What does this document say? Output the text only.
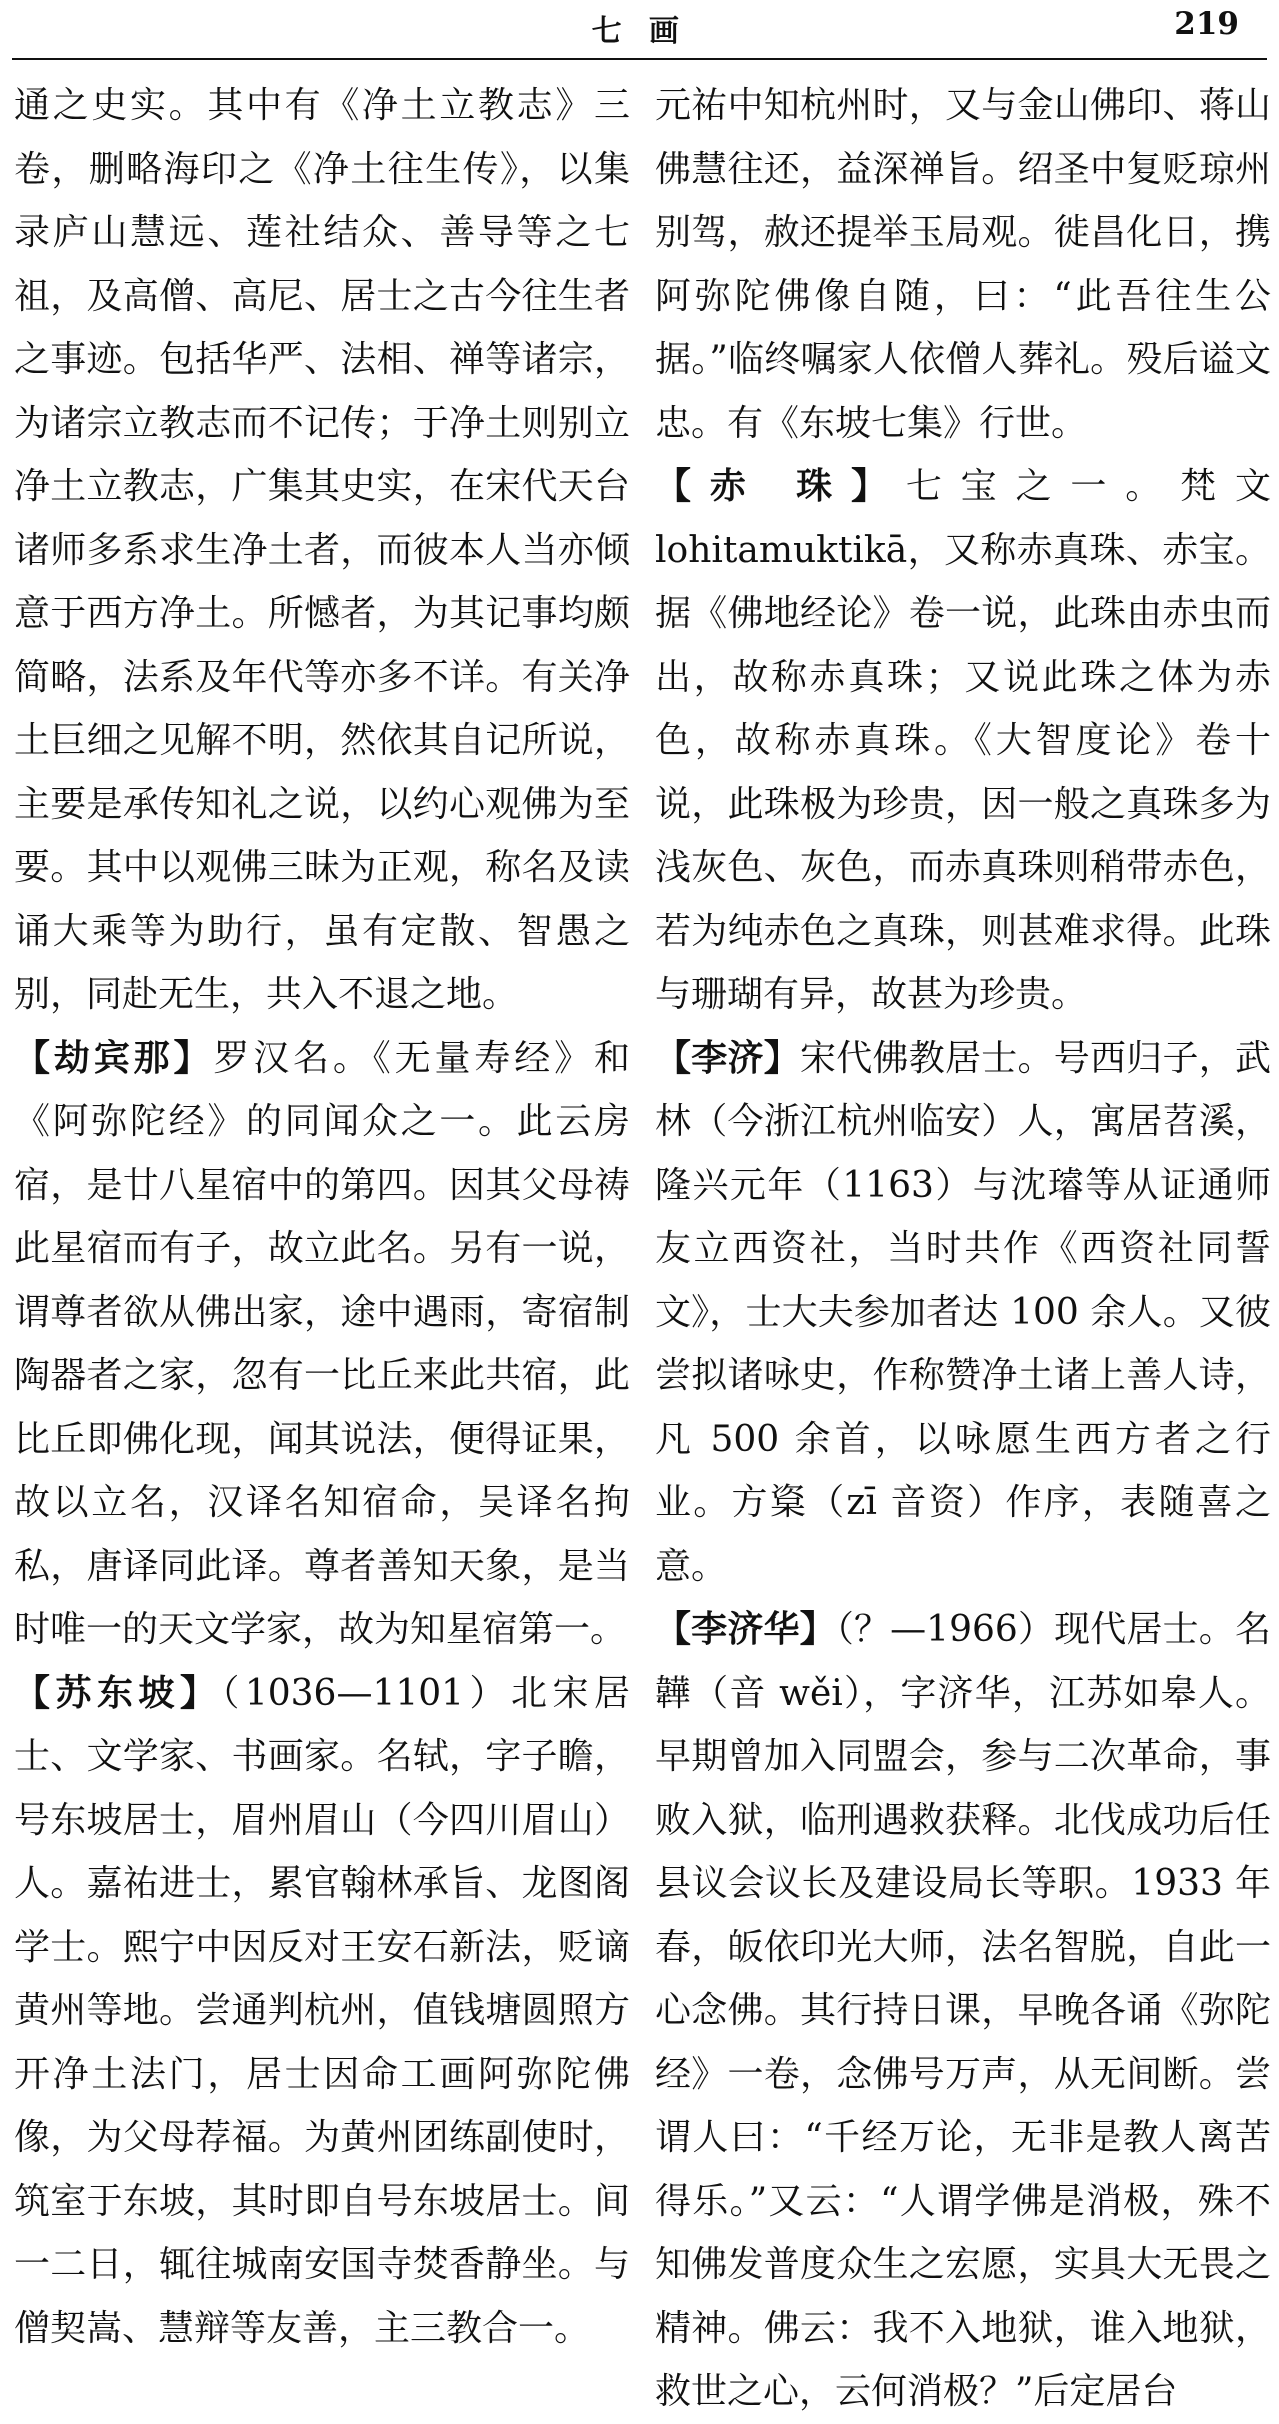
七 画	219

通之史实。其中有《净土立教志》三卷，删略海印之《净土往生传》，以集录庐山慧远、莲社结众、善导等之七祖，及高僧、高尼、居士之古今往生者之事迹。包括华严、法相、禅等诸宗，为诸宗立教志而不记传；于净土则别立净土立教志，广集其史实，在宋代天台诸师多系求生净土者，而彼本人当亦倾意于西方净土。所憾者，为其记事均颇简略，法系及年代等亦多不详。有关净土巨细之见解不明，然依其自记所说，主要是承传知礼之说，以约心观佛为至要。其中以观佛三昧为正观，称名及读诵大乘等为助行，虽有定散、智愚之别，同赴无生，共入不退之地。

【劫宾那】罗汉名。《无量寿经》和《阿弥陀经》的同闻众之一。此云房宿，是廿八星宿中的第四。因其父母祷此星宿而有子，故立此名。另有一说，谓尊者欲从佛出家，途中遇雨，寄宿制陶器者之家，忽有一比丘来此共宿，此比丘即佛化现，闻其说法，便得证果，故以立名，汉译名知宿命，吴译名拘私，唐译同此译。尊者善知天象，是当时唯一的天文学家，故为知星宿第一。

【苏东坡】（1036—1101）北宋居士、文学家、书画家。名轼，字子瞻，号东坡居士，眉州眉山（今四川眉山）人。嘉祐进士，累官翰林承旨、龙图阁学士。熙宁中因反对王安石新法，贬谪黄州等地。尝通判杭州，值钱塘圆照方开净土法门，居士因命工画阿弥陀佛像，为父母荐福。为黄州团练副使时，筑室于东坡，其时即自号东坡居士。间一二日，辄往城南安国寺焚香静坐。与僧契嵩、慧辩等友善，主三教合一。

元祐中知杭州时，又与金山佛印、蒋山佛慧往还，益深禅旨。绍圣中复贬琼州别驾，赦还提举玉局观。徙昌化日，携阿弥陀佛像自随，曰：“此吾往生公据。”临终嘱家人依僧人葬礼。殁后谥文忠。有《东坡七集》行世。

【赤 珠】七宝之一。梵文 lohitamuktikā，又称赤真珠、赤宝。据《佛地经论》卷一说，此珠由赤虫而出，故称赤真珠；又说此珠之体为赤色，故称赤真珠。《大智度论》卷十说，此珠极为珍贵，因一般之真珠多为浅灰色、灰色，而赤真珠则稍带赤色，若为纯赤色之真珠，则甚难求得。此珠与珊瑚有异，故甚为珍贵。

【李济】宋代佛教居士。号西归子，武林（今浙江杭州临安）人，寓居苕溪，隆兴元年（1163）与沈璿等从证通师友立西资社，当时共作《西资社同誓文》，士大夫参加者达 100 余人。又彼尝拟诸咏史，作称赞净土诸上善人诗，凡 500 余首，以咏愿生西方者之行业。方楶（zī 音资）作序，表随喜之意。

【李济华】（？—1966）现代居士。名韡（音 wěi），字济华，江苏如皋人。早期曾加入同盟会，参与二次革命，事败入狱，临刑遇救获释。北伐成功后任县议会议长及建设局长等职。1933 年春，皈依印光大师，法名智脱，自此一心念佛。其行持日课，早晚各诵《弥陀经》一卷，念佛号万声，从无间断。尝谓人曰：“千经万论，无非是教人离苦得乐。”又云：“人谓学佛是消极，殊不知佛发普度众生之宏愿，实具大无畏之精神。佛云：我不入地狱，谁入地狱，救世之心，云何消极？”后定居台
